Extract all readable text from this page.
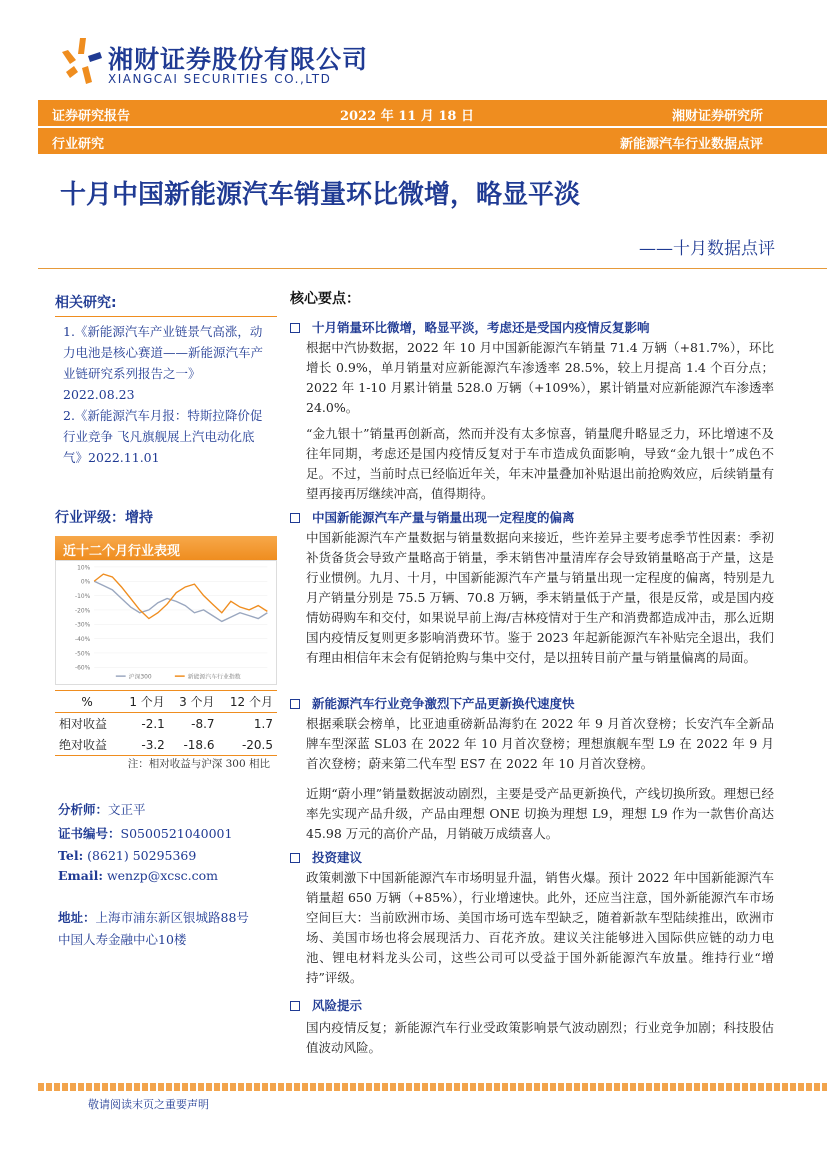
湘财证券股份有限公司
XIANGCAI SECURITIES CO.,LTD
证券研究报告	2022 年 11 月 18 日	湘财证券研究所
行业研究	新能源汽车行业数据点评
十月中国新能源汽车销量环比微增，略显平淡
——十月数据点评
相关研究:
1.《新能源汽车产业链景气高涨，动力电池是核心赛道——新能源汽车产业链研究系列报告之一》 2022.08.23
2.《新能源汽车月报：特斯拉降价促行业竞争 飞凡旗舰展上汽电动化底气》2022.11.01
行业评级：增持
近十二个月行业表现
10%
0%
-10%
-20%
-30%
-40%
-50%
-60%
沪深300	新能源汽车行业指数
%	1 个月	3 个月	12 个月
相对收益	-2.1	-8.7	1.7
绝对收益	-3.2	-18.6	-20.5
注：相对收益与沪深 300 相比
分析师：文正平
证书编号：S0500521040001
Tel: (8621) 50295369
Email: wenzp@xcsc.com
地址：上海市浦东新区银城路88号
中国人寿金融中心10楼
核心要点：
十月销量环比微增，略显平淡，考虑还是受国内疫情反复影响
根据中汽协数据，2022 年 10 月中国新能源汽车销量 71.4 万辆（+81.7%），环比增长 0.9%，单月销量对应新能源汽车渗透率 28.5%，较上月提高 1.4 个百分点；2022 年 1-10 月累计销量 528.0 万辆（+109%），累计销量对应新能源汽车渗透率 24.0%。
“金九银十”销量再创新高，然而并没有太多惊喜，销量爬升略显乏力，环比增速不及往年同期，考虑还是国内疫情反复对于车市造成负面影响，导致“金九银十”成色不足。不过，当前时点已经临近年关，年末冲量叠加补贴退出前抢购效应，后续销量有望再接再厉继续冲高，值得期待。
中国新能源汽车产量与销量出现一定程度的偏离
中国新能源汽车产量数据与销量数据向来接近，些许差异主要考虑季节性因素：季初补货备货会导致产量略高于销量，季末销售冲量清库存会导致销量略高于产量，这是行业惯例。九月、十月，中国新能源汽车产量与销量出现一定程度的偏离，特别是九月产销量分别是 75.5 万辆、70.8 万辆，季末销量低于产量，很是反常，或是国内疫情妨碍购车和交付，如果说早前上海/吉林疫情对于生产和消费都造成冲击，那么近期国内疫情反复则更多影响消费环节。鉴于 2023 年起新能源汽车补贴完全退出，我们有理由相信年末会有促销抢购与集中交付，是以扭转目前产量与销量偏离的局面。
新能源汽车行业竞争激烈下产品更新换代速度快
根据乘联会榜单，比亚迪重磅新品海豹在 2022 年 9 月首次登榜；长安汽车全新品牌车型深蓝 SL03 在 2022 年 10 月首次登榜；理想旗舰车型 L9 在 2022 年 9 月首次登榜；蔚来第二代车型 ES7 在 2022 年 10 月首次登榜。
近期“蔚小理”销量数据波动剧烈，主要是受产品更新换代，产线切换所致。理想已经率先实现产品升级，产品由理想 ONE 切换为理想 L9，理想 L9 作为一款售价高达 45.98 万元的高价产品，月销破万成绩喜人。
投资建议
政策刺激下中国新能源汽车市场明显升温，销售火爆。预计 2022 年中国新能源汽车销量超 650 万辆（+85%），行业增速快。此外，还应当注意，国外新能源汽车市场空间巨大：当前欧洲市场、美国市场可选车型缺乏，随着新款车型陆续推出，欧洲市场、美国市场也将会展现活力、百花齐放。建议关注能够进入国际供应链的动力电池、锂电材料龙头公司，这些公司可以受益于国外新能源汽车放量。维持行业“增持”评级。
风险提示
国内疫情反复；新能源汽车行业受政策影响景气波动剧烈；行业竞争加剧；科技股估值波动风险。
敬请阅读末页之重要声明
